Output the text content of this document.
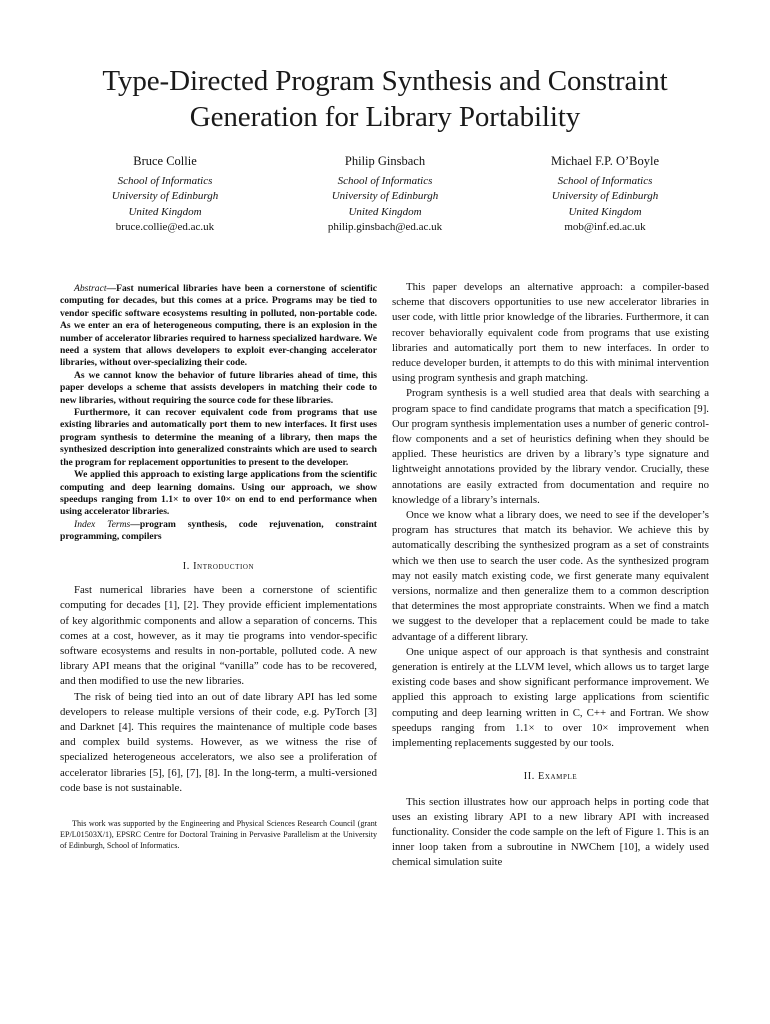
Type-Directed Program Synthesis and Constraint Generation for Library Portability
Bruce Collie
School of Informatics
University of Edinburgh
United Kingdom
bruce.collie@ed.ac.uk
Philip Ginsbach
School of Informatics
University of Edinburgh
United Kingdom
philip.ginsbach@ed.ac.uk
Michael F.P. O’Boyle
School of Informatics
University of Edinburgh
United Kingdom
mob@inf.ed.ac.uk

Abstract—Fast numerical libraries have been a cornerstone of scientific computing for decades, but this comes at a price. Programs may be tied to vendor specific software ecosystems resulting in polluted, non-portable code. As we enter an era of heterogeneous computing, there is an explosion in the number of accelerator libraries required to harness specialized hardware. We need a system that allows developers to exploit ever-changing accelerator libraries, without over-specializing their code.

As we cannot know the behavior of future libraries ahead of time, this paper develops a scheme that assists developers in matching their code to new libraries, without requiring the source code for these libraries.

Furthermore, it can recover equivalent code from programs that use existing libraries and automatically port them to new interfaces. It first uses program synthesis to determine the meaning of a library, then maps the synthesized description into generalized constraints which are used to search the program for replacement opportunities to present to the developer.

We applied this approach to existing large applications from the scientific computing and deep learning domains. Using our approach, we show speedups ranging from 1.1× to over 10× on end to end performance when using accelerator libraries.

Index Terms—program synthesis, code rejuvenation, constraint programming, compilers

I. Introduction

Fast numerical libraries have been a cornerstone of scientific computing for decades [1], [2]. They provide efficient implementations of key algorithmic components and allow a separation of concerns. This comes at a cost, however, as it may tie programs into vendor-specific software ecosystems and results in non-portable, polluted code. A new library API means that the original “vanilla” code has to be recovered, and then modified to use the new libraries.

The risk of being tied into an out of date library API has led some developers to release multiple versions of their code, e.g. PyTorch [3] and Darknet [4]. This requires the maintenance of multiple code bases and complex build systems. However, as we witness the rise of specialized heterogeneous accelerators, we also see a proliferation of accelerator libraries [5], [6], [7], [8]. In the long-term, a multi-versioned code base is not sustainable.

This work was supported by the Engineering and Physical Sciences Research Council (grant EP/L01503X/1), EPSRC Centre for Doctoral Training in Pervasive Parallelism at the University of Edinburgh, School of Informatics.

This paper develops an alternative approach: a compiler-based scheme that discovers opportunities to use new accelerator libraries in user code, with little prior knowledge of the libraries. Furthermore, it can recover behaviorally equivalent code from programs that use existing libraries and automatically port them to new interfaces. In order to reduce developer burden, it attempts to do this with minimal intervention using program synthesis and graph matching.

Program synthesis is a well studied area that deals with searching a program space to find candidate programs that match a specification [9]. Our program synthesis implementation uses a number of generic control-flow components and a set of heuristics defining when they should be applied. These heuristics are driven by a library’s type signature and lightweight annotations provided by the library vendor. Crucially, these annotations are easily extracted from documentation and require no knowledge of a library’s internals.

Once we know what a library does, we need to see if the developer’s program has structures that match its behavior. We achieve this by automatically describing the synthesized program as a set of constraints which we then use to search the user code. As the synthesized program may not easily match existing code, we first generate many equivalent versions, normalize and then generalize them to a common description that determines the most appropriate constraints. When we find a match we suggest to the developer that a replacement could be made to take advantage of a different library.

One unique aspect of our approach is that synthesis and constraint generation is entirely at the LLVM level, which allows us to target large existing code bases and show significant performance improvement. We applied this approach to existing large applications from scientific computing and deep learning written in C, C++ and Fortran. We show speedups ranging from 1.1× to over 10× improvement when implementing replacements suggested by our tools.

II. Example

This section illustrates how our approach helps in porting code that uses an existing library API to a new library API with increased functionality. Consider the code sample on the left of Figure 1. This is an inner loop taken from a subroutine in NWChem [10], a widely used chemical simulation suite
